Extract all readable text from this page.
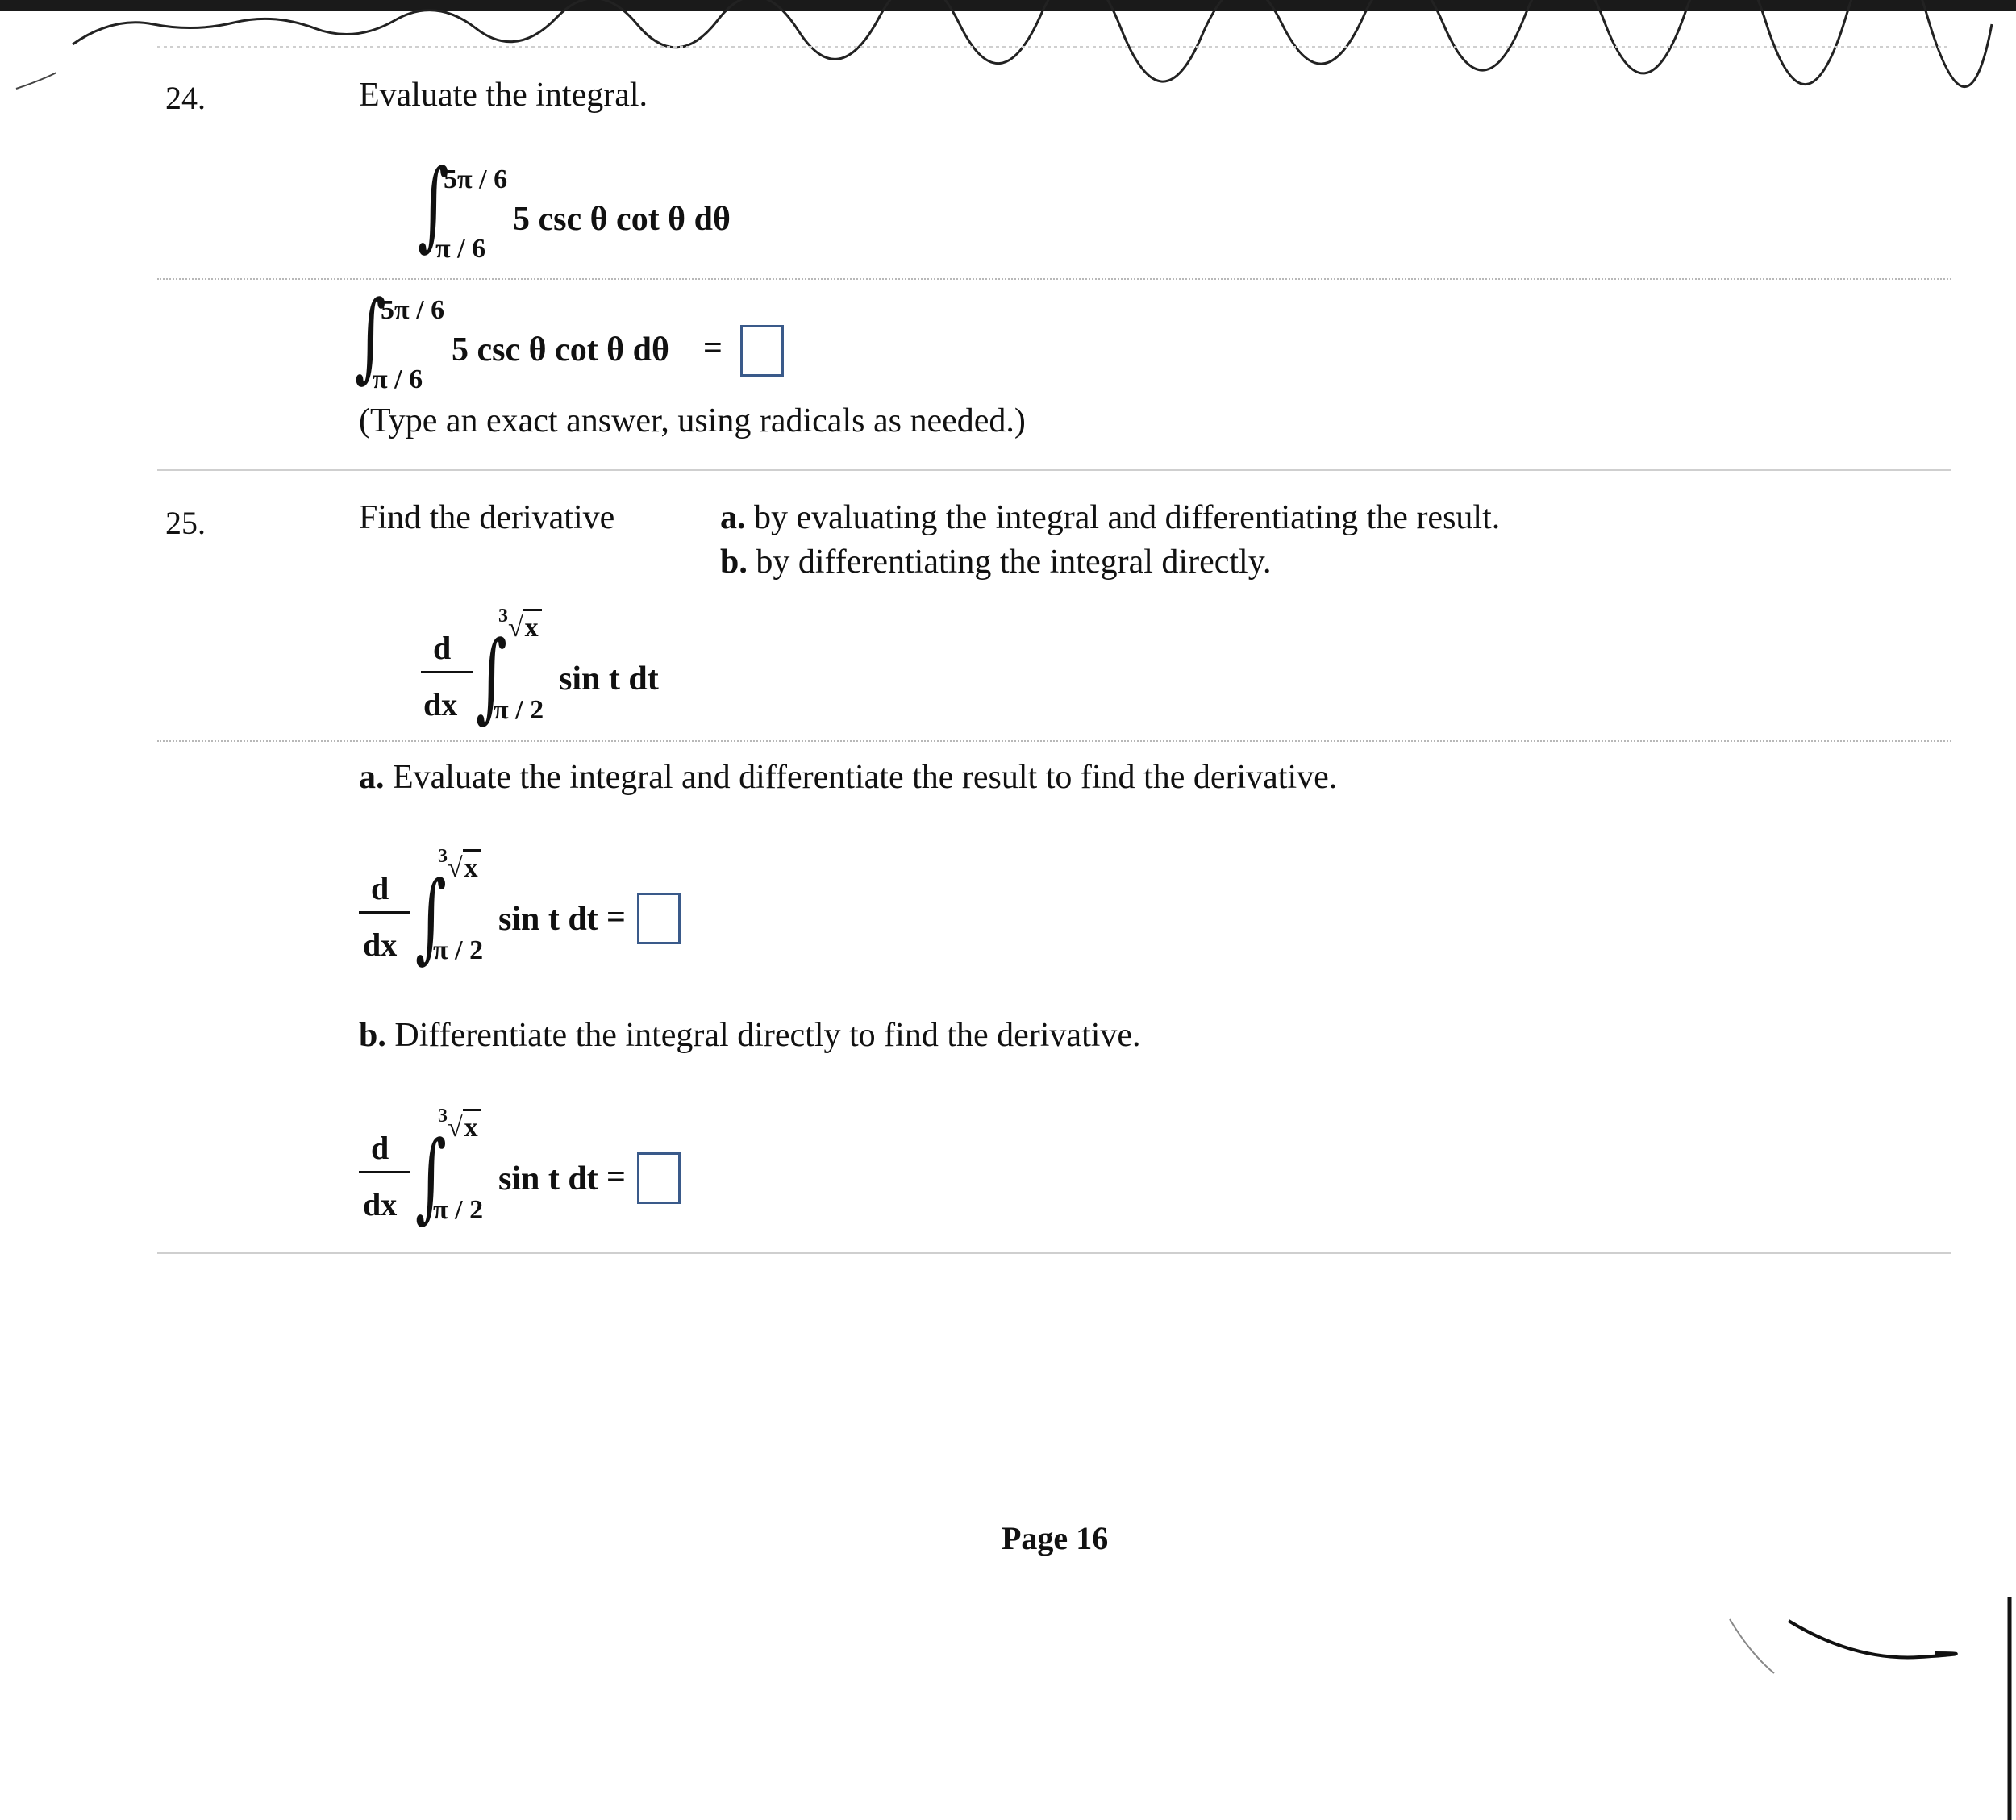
24.	Evaluate the integral.
∫
5π / 6
π / 6
5 csc θ cot θ dθ
∫
5π / 6
π / 6
5 csc θ cot θ dθ =
(Type an exact answer, using radicals as needed.)
25.	Find the derivative	a. by evaluating the integral and differentiating the result.
b. by differentiating the integral directly.
d
dx ∫
$^3$√x
π / 2
sin t dt
a. Evaluate the integral and differentiate the result to find the derivative.
d
dx ∫
$^3$√x
π / 2
sin t dt =
b. Differentiate the integral directly to find the derivative.
d
dx ∫
$^3$√x
π / 2
sin t dt =
Page 16
